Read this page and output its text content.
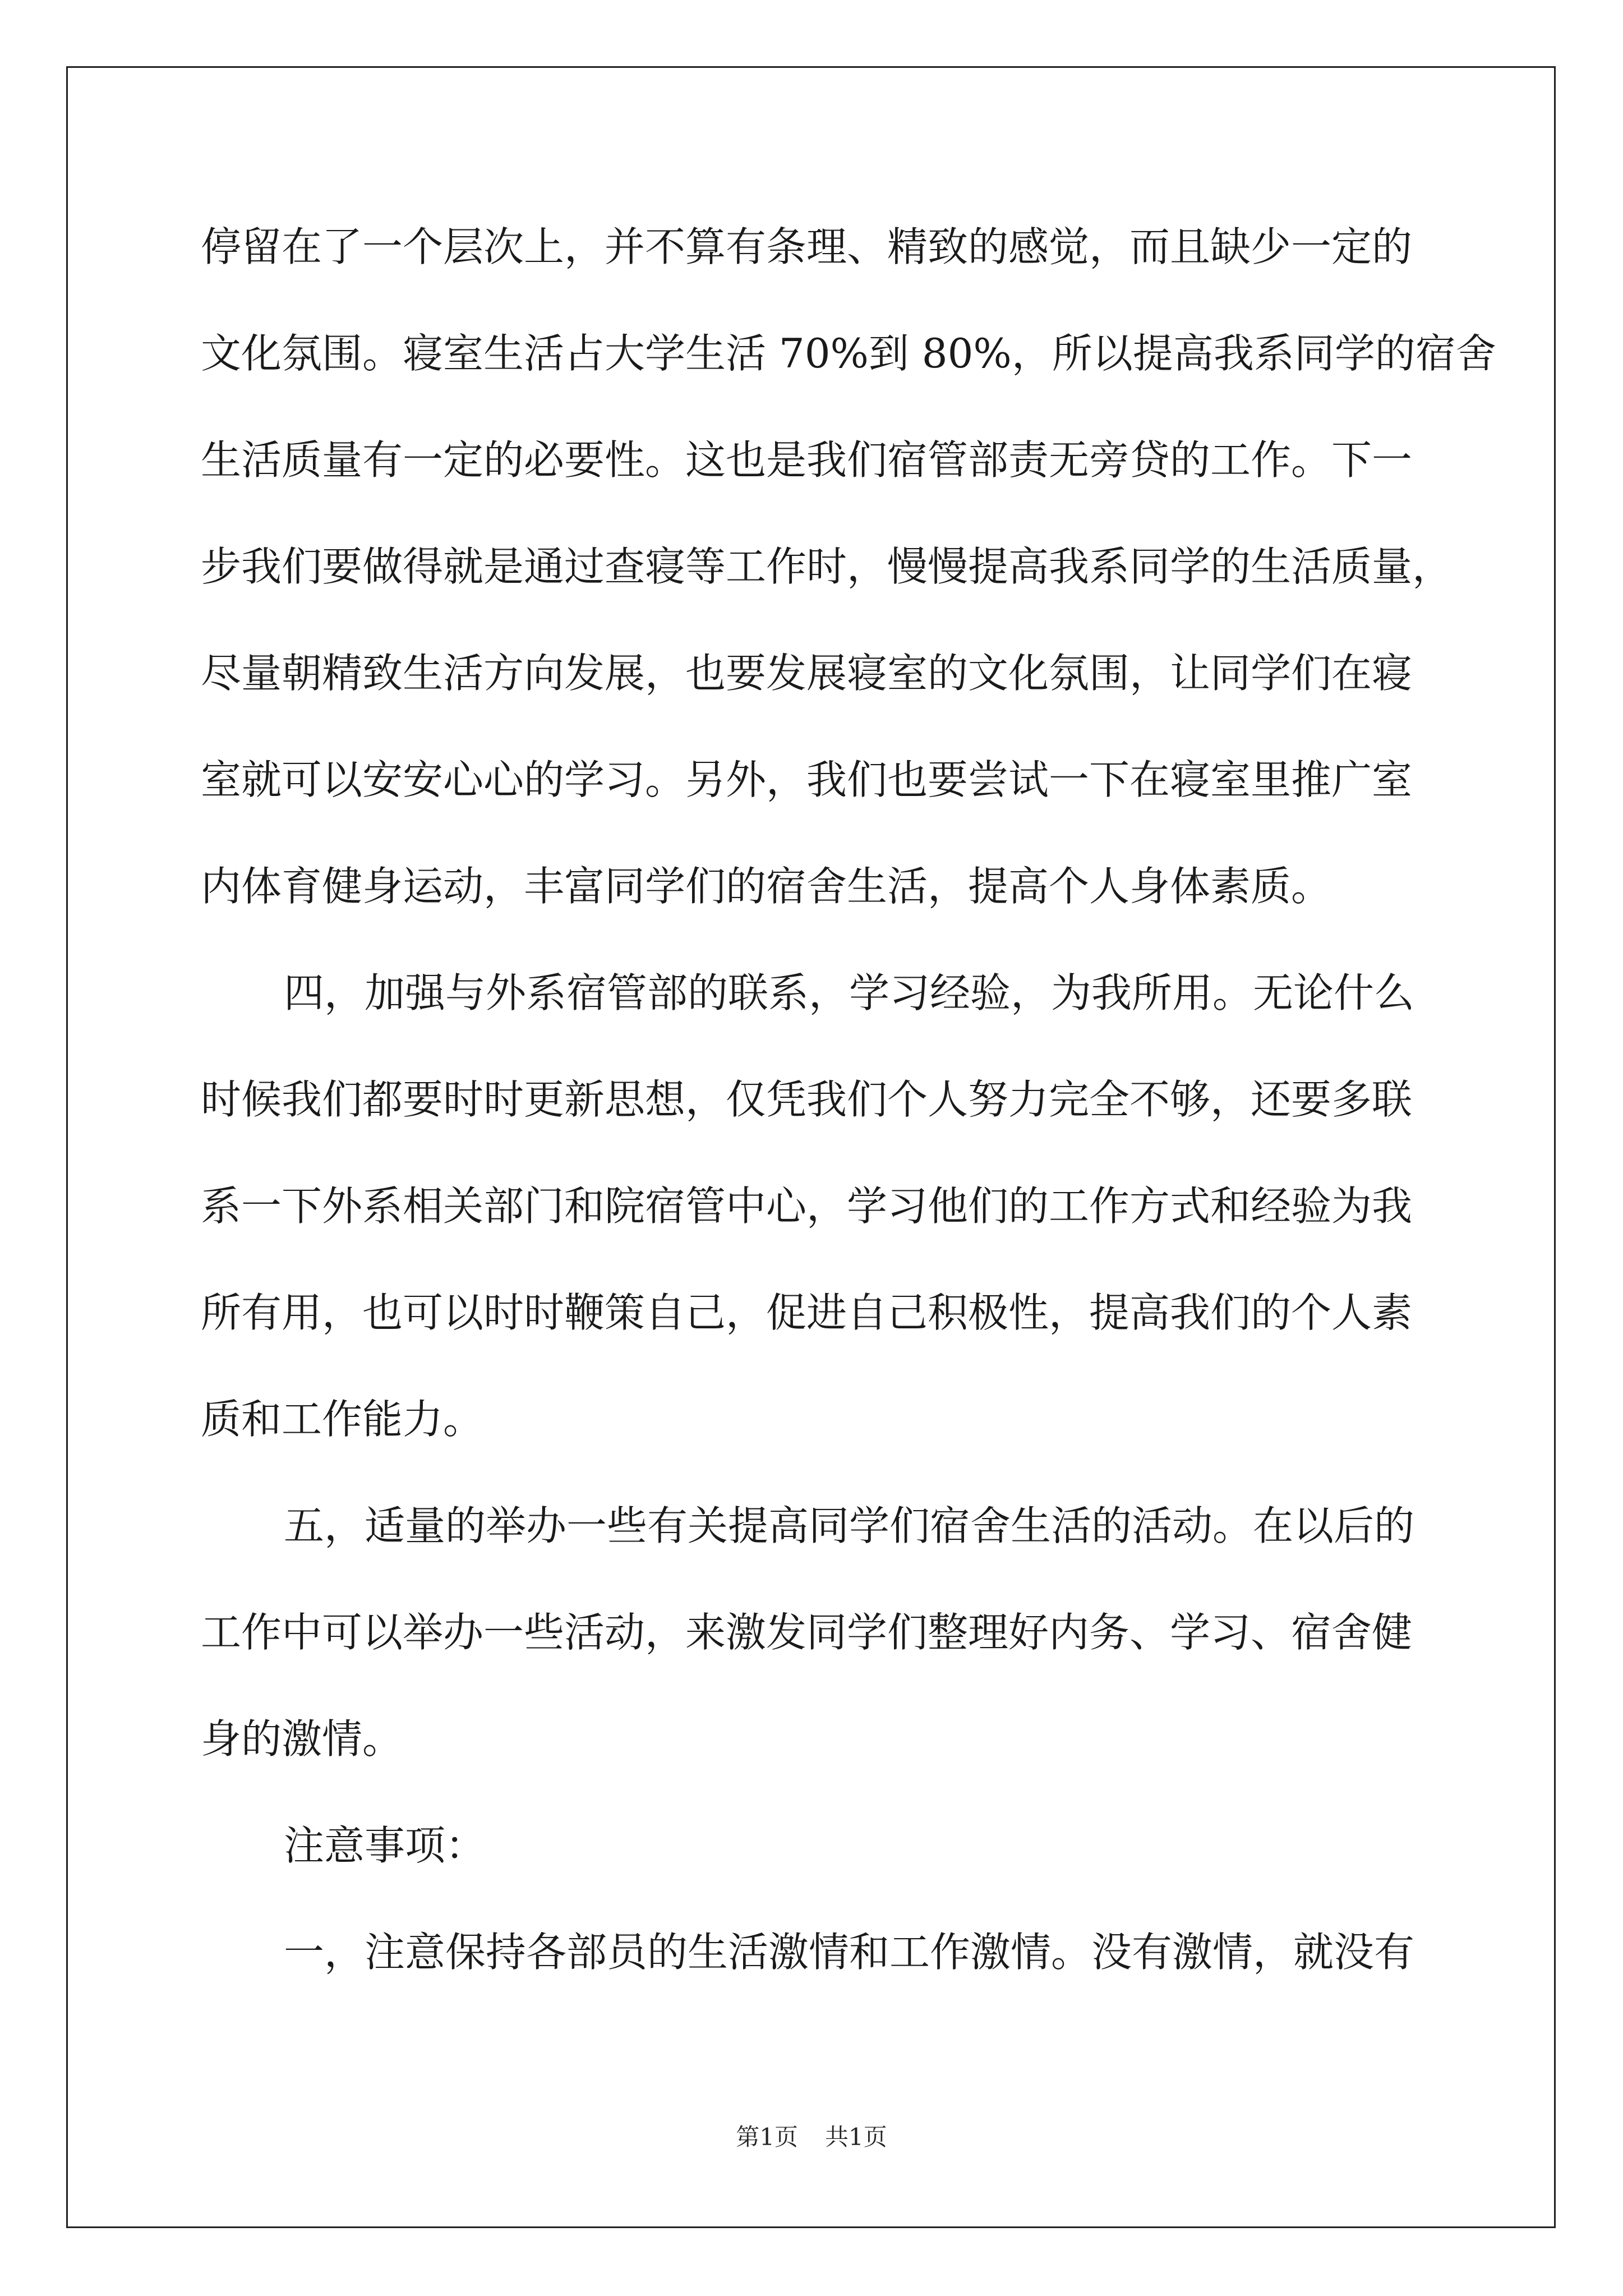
停留在了一个层次上，并不算有条理、精致的感觉，而且缺少一定的
文化氛围。寝室生活占大学生活 70%到 80%，所以提高我系同学的宿舍
生活质量有一定的必要性。这也是我们宿管部责无旁贷的工作。下一
步我们要做得就是通过查寝等工作时，慢慢提高我系同学的生活质量，
尽量朝精致生活方向发展，也要发展寝室的文化氛围，让同学们在寝
室就可以安安心心的学习。另外，我们也要尝试一下在寝室里推广室
内体育健身运动，丰富同学们的宿舍生活，提高个人身体素质。
四，加强与外系宿管部的联系，学习经验，为我所用。无论什么
时候我们都要时时更新思想，仅凭我们个人努力完全不够，还要多联
系一下外系相关部门和院宿管中心，学习他们的工作方式和经验为我
所有用，也可以时时鞭策自己，促进自己积极性，提高我们的个人素
质和工作能力。
五，适量的举办一些有关提高同学们宿舍生活的活动。在以后的
工作中可以举办一些活动，来激发同学们整理好内务、学习、宿舍健
身的激情。
注意事项：
一，注意保持各部员的生活激情和工作激情。没有激情，就没有
第1页 共1页
